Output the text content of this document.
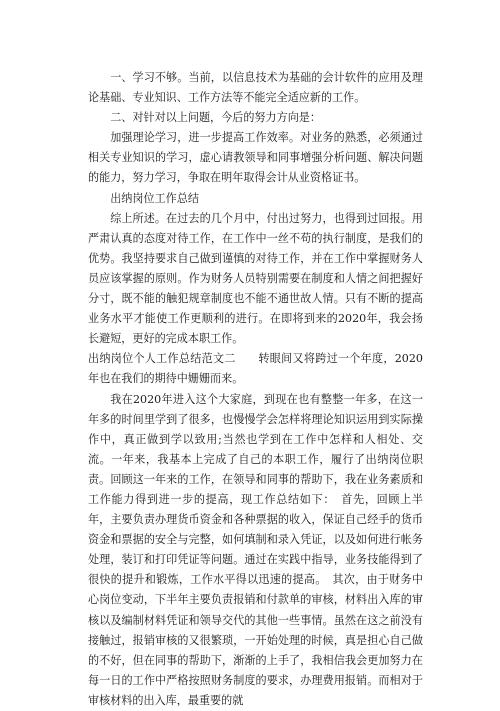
一、学习不够。当前，以信息技术为基础的会计软件的应用及理论基础、专业知识、工作方法等不能完全适应新的工作。

二、对针对以上问题，今后的努力方向是：

加强理论学习，进一步提高工作效率。对业务的熟悉，必须通过相关专业知识的学习，虚心请教领导和同事增强分析问题、解决问题的能力，努力学习，争取在明年取得会计从业资格证书。

出纳岗位工作总结

综上所述。在过去的几个月中，付出过努力，也得到过回报。用严肃认真的态度对待工作，在工作中一丝不苟的执行制度，是我们的优势。我坚持要求自己做到谨慎的对待工作，并在工作中掌握财务人员应该掌握的原则。作为财务人员特别需要在制度和人情之间把握好分寸，既不能的触犯规章制度也不能不通世故人情。只有不断的提高业务水平才能使工作更顺利的进行。在即将到来的2020年，我会扬长避短，更好的完成本职工作。

出纳岗位个人工作总结范文二　　转眼间又将跨过一个年度，2020年也在我们的期待中姗姗而来。

我在2020年进入这个大家庭，到现在也有整整一年多，在这一年多的时间里学到了很多，也慢慢学会怎样将理论知识运用到实际操作中，真正做到学以致用;当然也学到在工作中怎样和人相处、交流。一年来，我基本上完成了自己的本职工作，履行了出纳岗位职责。回顾这一年来的工作，在领导和同事的帮助下，我在业务素质和工作能力得到进一步的提高，现工作总结如下：　首先，回顾上半年，主要负责办理货币资金和各种票据的收入，保证自己经手的货币资金和票据的安全与完整，如何填制和录入凭证，以及如何进行帐务处理，装订和打印凭证等问题。通过在实践中指导，业务技能得到了很快的提升和锻炼，工作水平得以迅速的提高。　其次，由于财务中心岗位变动，下半年主要负责报销和付款单的审核，材料出入库的审核以及编制材料凭证和领导交代的其他一些事情。虽然在这之前没有接触过，报销审核的又很繁琐，一开始处理的时候，真是担心自己做的不好，但在同事的帮助下，渐渐的上手了，我相信我会更加努力在每一日的工作中严格按照财务制度的要求，办理费用报销。而相对于审核材料的出入库，最重要的就
